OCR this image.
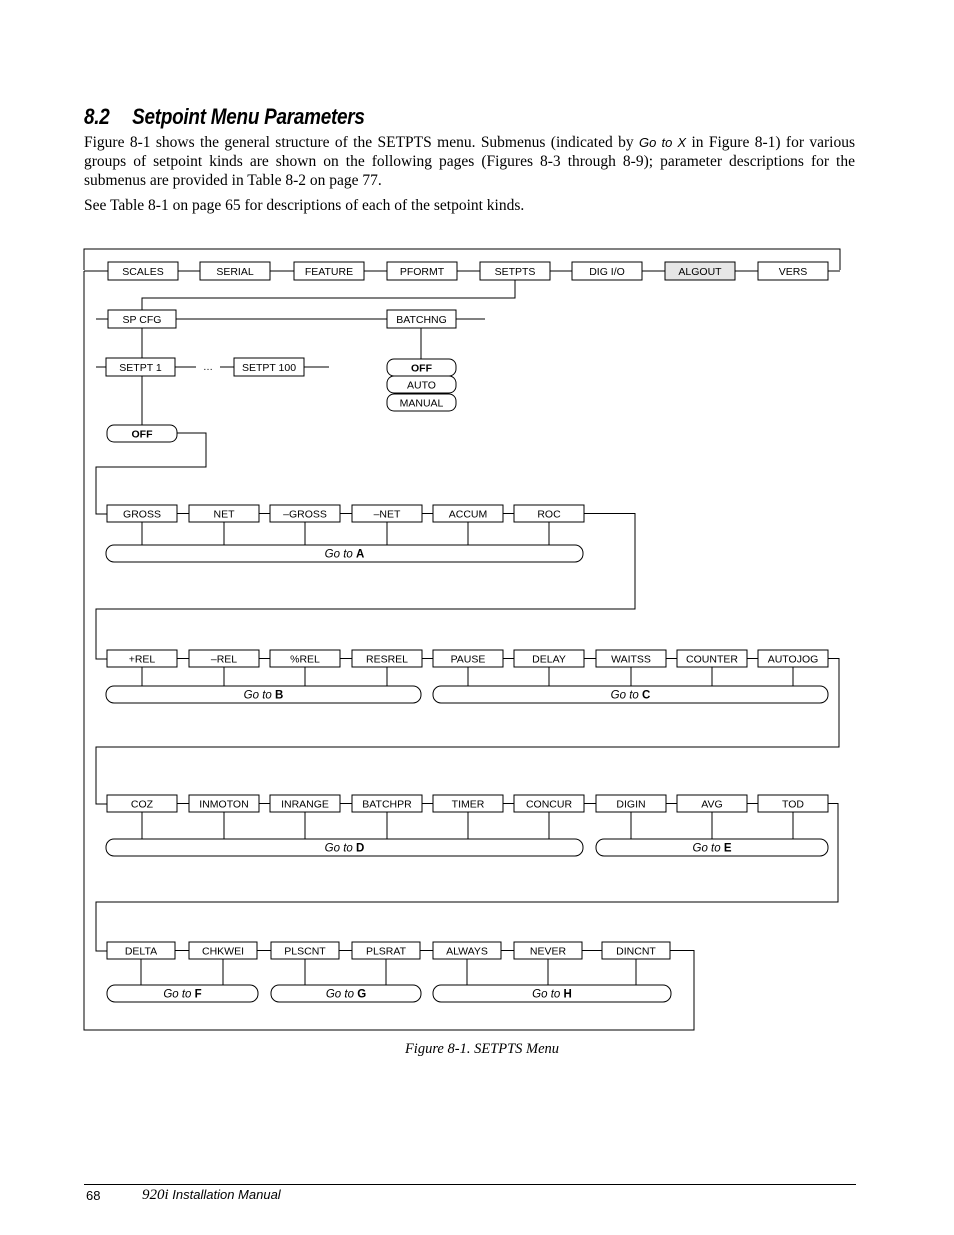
8.2 Setpoint Menu Parameters
Figure 8-1 shows the general structure of the SETPTS menu. Submenus (indicated by Go to X in Figure 8-1) for various groups of setpoint kinds are shown on the following pages (Figures 8-3 through 8-9); parameter descriptions for the submenus are provided in Table 8-2 on page 77.
See Table 8-1 on page 65 for descriptions of each of the setpoint kinds.
SCALES	SERIAL	FEATURE	PFORMT	SETPTS	DIG I/O	ALGOUT	VERS
SP CFG	BATCHNG
OFF
AUTO
MANUAL
SETPT 1	SETPT 100
…
OFF
GROSS	NET	–GROSS	–NET	ACCUM	ROC
Go to A
+REL	–REL	%REL	RESREL	PAUSE	DELAY	WAITSS	COUNTER	AUTOJOG
Go to B	Go to C
COZ	INMOTON	INRANGE	BATCHPR	TIMER	CONCUR	DIGIN	AVG	TOD
Go to D	Go to E
DELTA	CHKWEI	PLSCNT	PLSRAT	ALWAYS	NEVER	DINCNT
Go to F	Go to G	Go to H
Figure 8-1. SETPTS Menu
68	920i Installation Manual
